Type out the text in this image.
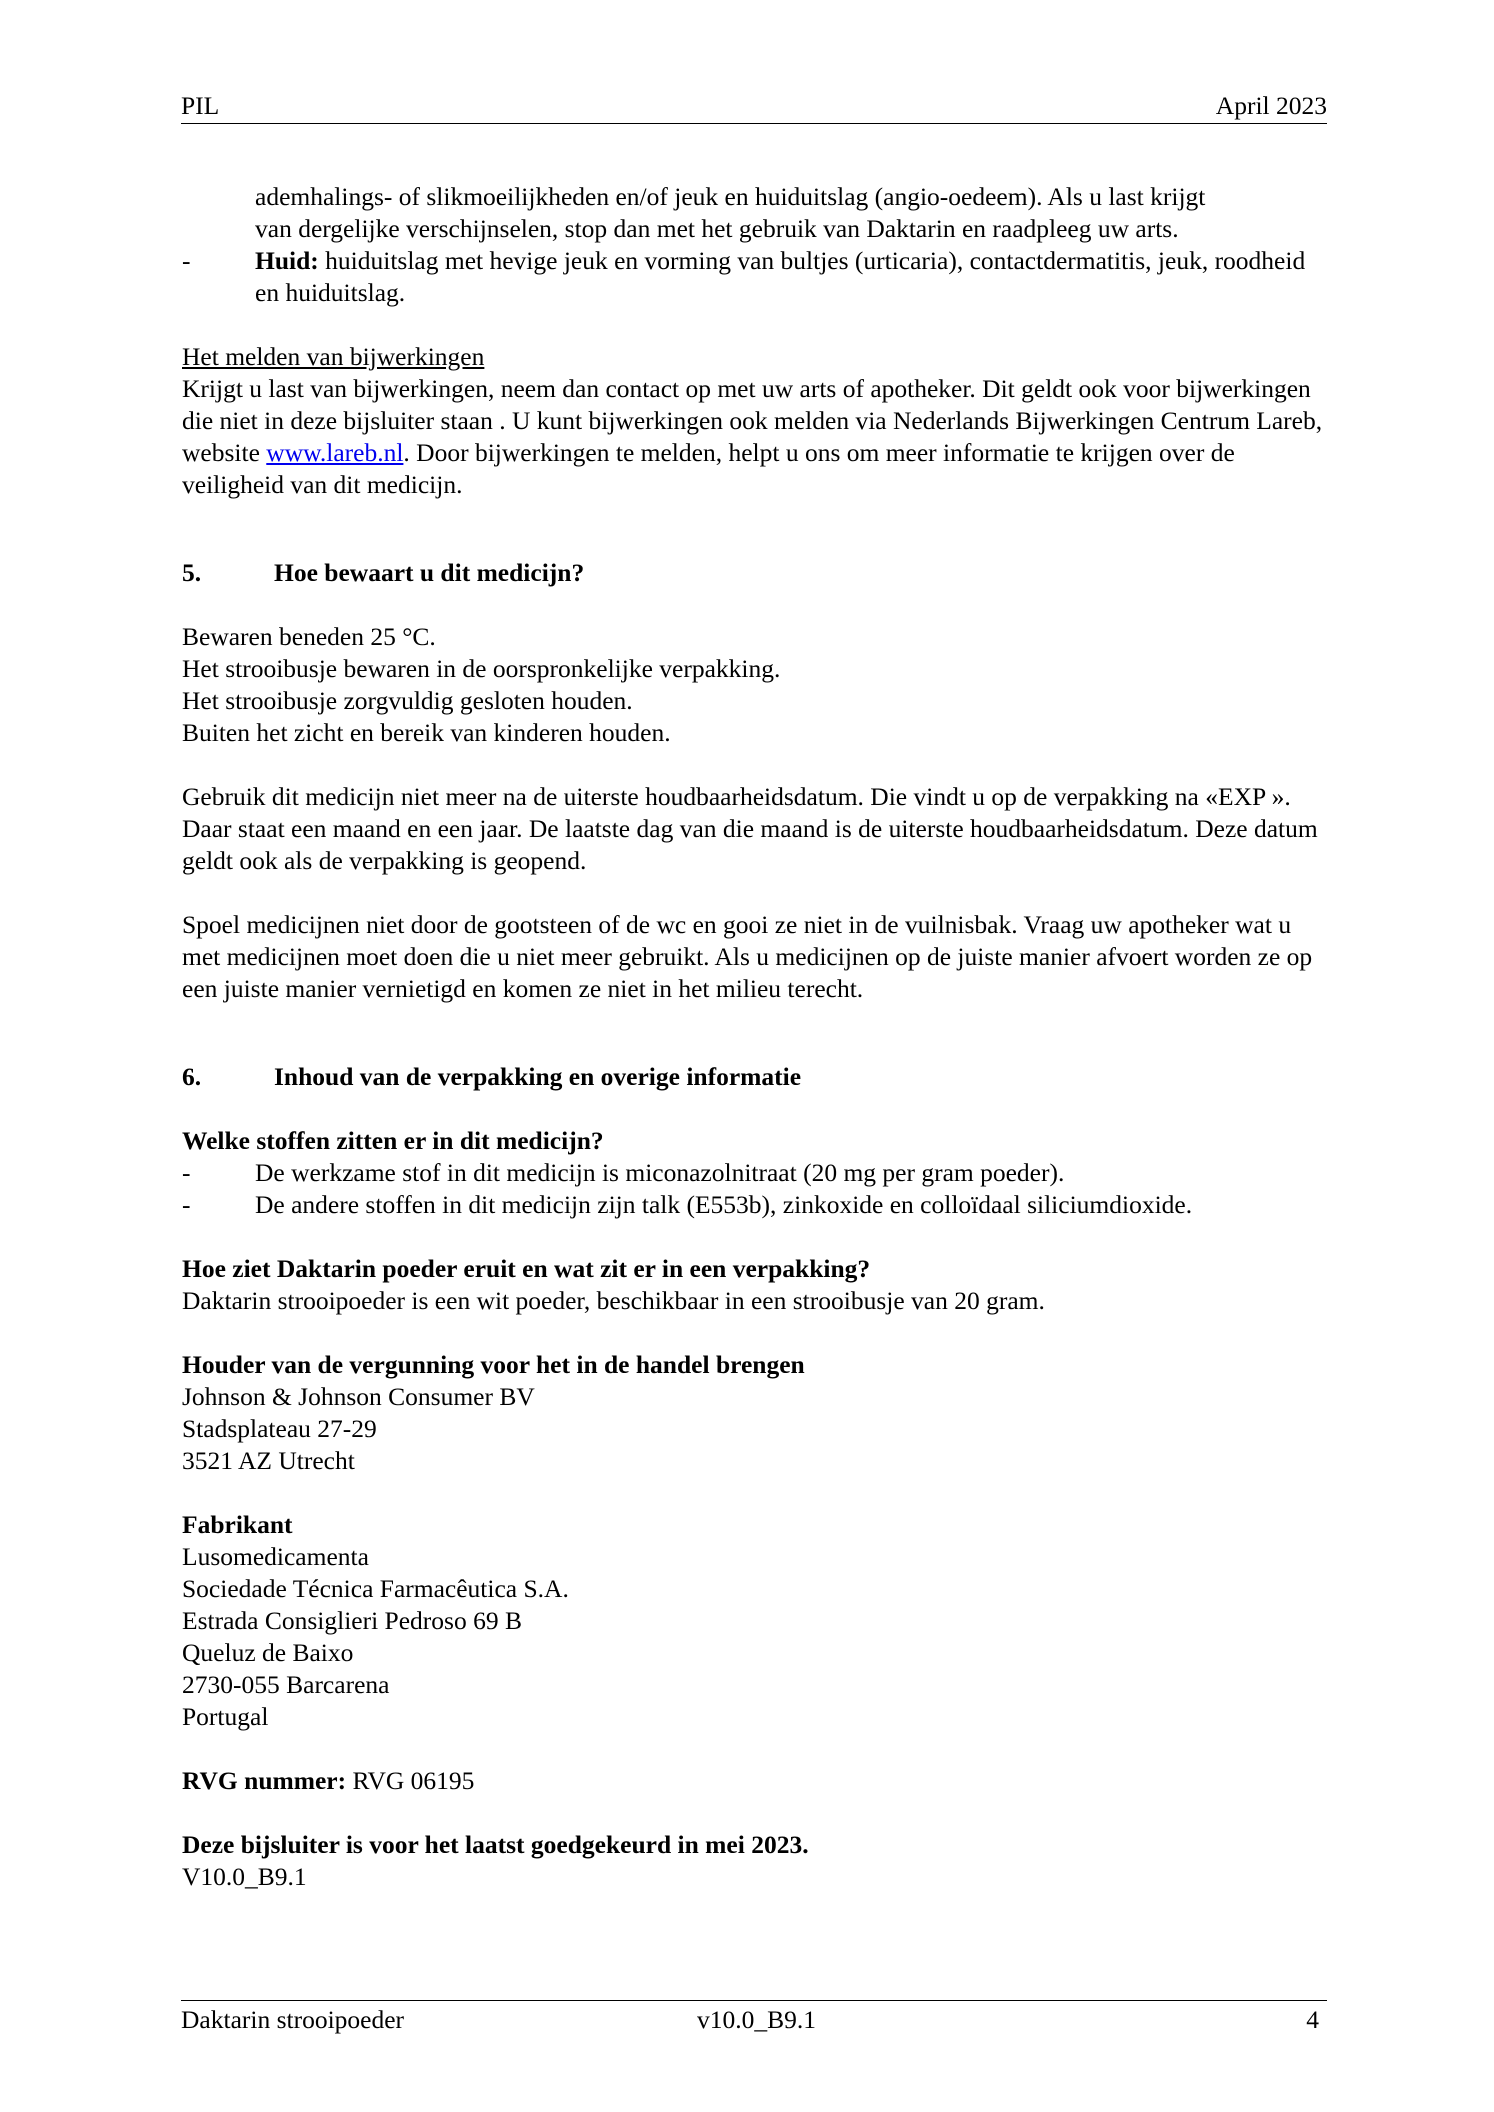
PIL	April 2023

ademhalings- of slikmoeilijkheden en/of jeuk en huiduitslag (angio-oedeem). Als u last krijgt
van dergelijke verschijnselen, stop dan met het gebruik van Daktarin en raadpleeg uw arts.

-	Huid: huiduitslag met hevige jeuk en vorming van bultjes (urticaria), contactdermatitis, jeuk, roodheid en huiduitslag.
Het melden van bijwerkingen

Krijgt u last van bijwerkingen, neem dan contact op met uw arts of apotheker. Dit geldt ook voor bijwerkingen die niet in deze bijsluiter staan . U kunt bijwerkingen ook melden via Nederlands Bijwerkingen Centrum Lareb, website www.lareb.nl. Door bijwerkingen te melden, helpt u ons om meer informatie te krijgen over de veiligheid van dit medicijn.

5.	Hoe bewaart u dit medicijn?
Bewaren beneden 25 °C.
Het strooibusje bewaren in de oorspronkelijke verpakking.
Het strooibusje zorgvuldig gesloten houden.
Buiten het zicht en bereik van kinderen houden.

Gebruik dit medicijn niet meer na de uiterste houdbaarheidsdatum. Die vindt u op de verpakking na «EXP ». Daar staat een maand en een jaar. De laatste dag van die maand is de uiterste houdbaarheidsdatum. Deze datum geldt ook als de verpakking is geopend.

Spoel medicijnen niet door de gootsteen of de wc en gooi ze niet in de vuilnisbak. Vraag uw apotheker wat u met medicijnen moet doen die u niet meer gebruikt. Als u medicijnen op de juiste manier afvoert worden ze op een juiste manier vernietigd en komen ze niet in het milieu terecht.

6.	Inhoud van de verpakking en overige informatie
Welke stoffen zitten er in dit medicijn?
-	De werkzame stof in dit medicijn is miconazolnitraat (20 mg per gram poeder).
-	De andere stoffen in dit medicijn zijn talk (E553b), zinkoxide en colloïdaal siliciumdioxide.
Hoe ziet Daktarin poeder eruit en wat zit er in een verpakking?
Daktarin strooipoeder is een wit poeder, beschikbaar in een strooibusje van 20 gram.
Houder van de vergunning voor het in de handel brengen
Johnson & Johnson Consumer BV
Stadsplateau 27-29
3521 AZ Utrecht
Fabrikant
Lusomedicamenta
Sociedade Técnica Farmacêutica S.A.
Estrada Consiglieri Pedroso 69 B
Queluz de Baixo
2730-055 Barcarena
Portugal
RVG nummer: RVG 06195
Deze bijsluiter is voor het laatst goedgekeurd in mei 2023.
V10.0_B9.1
Daktarin strooipoeder	v10.0_B9.1	4
